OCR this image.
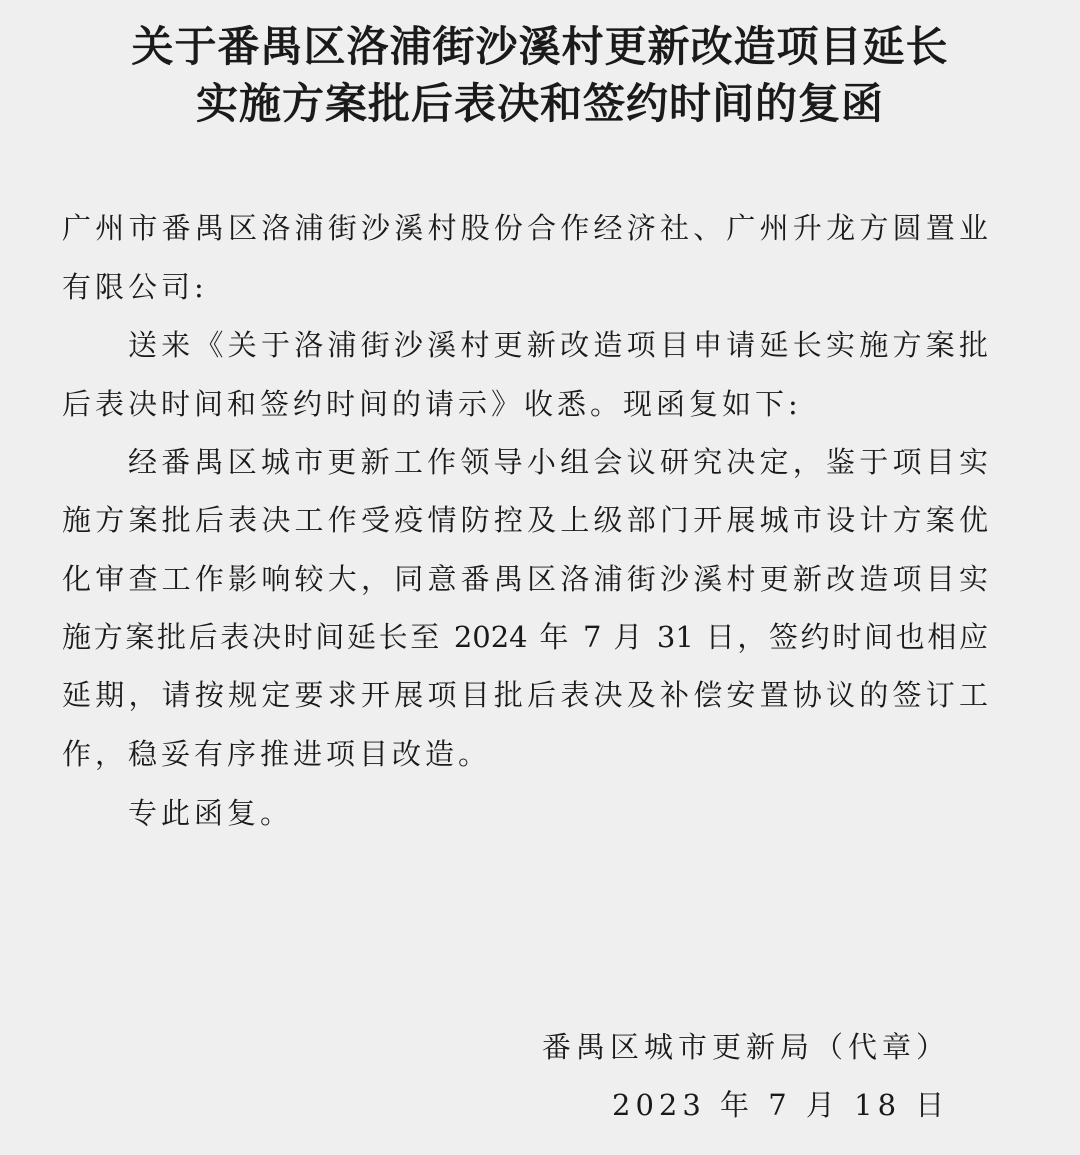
关于番禺区洛浦街沙溪村更新改造项目延长
实施方案批后表决和签约时间的复函
广州市番禺区洛浦街沙溪村股份合作经济社、广州升龙方圆置业
有限公司:
送来《关于洛浦街沙溪村更新改造项目申请延长实施方案批
后表决时间和签约时间的请示》收悉。现函复如下:
经番禺区城市更新工作领导小组会议研究决定，鉴于项目实
施方案批后表决工作受疫情防控及上级部门开展城市设计方案优
化审查工作影响较大，同意番禺区洛浦街沙溪村更新改造项目实
施方案批后表决时间延长至 2024 年 7 月 31 日，签约时间也相应
延期，请按规定要求开展项目批后表决及补偿安置协议的签订工
作，稳妥有序推进项目改造。
专此函复。
番禺区城市更新局（代章）
2023 年 7 月 18 日
